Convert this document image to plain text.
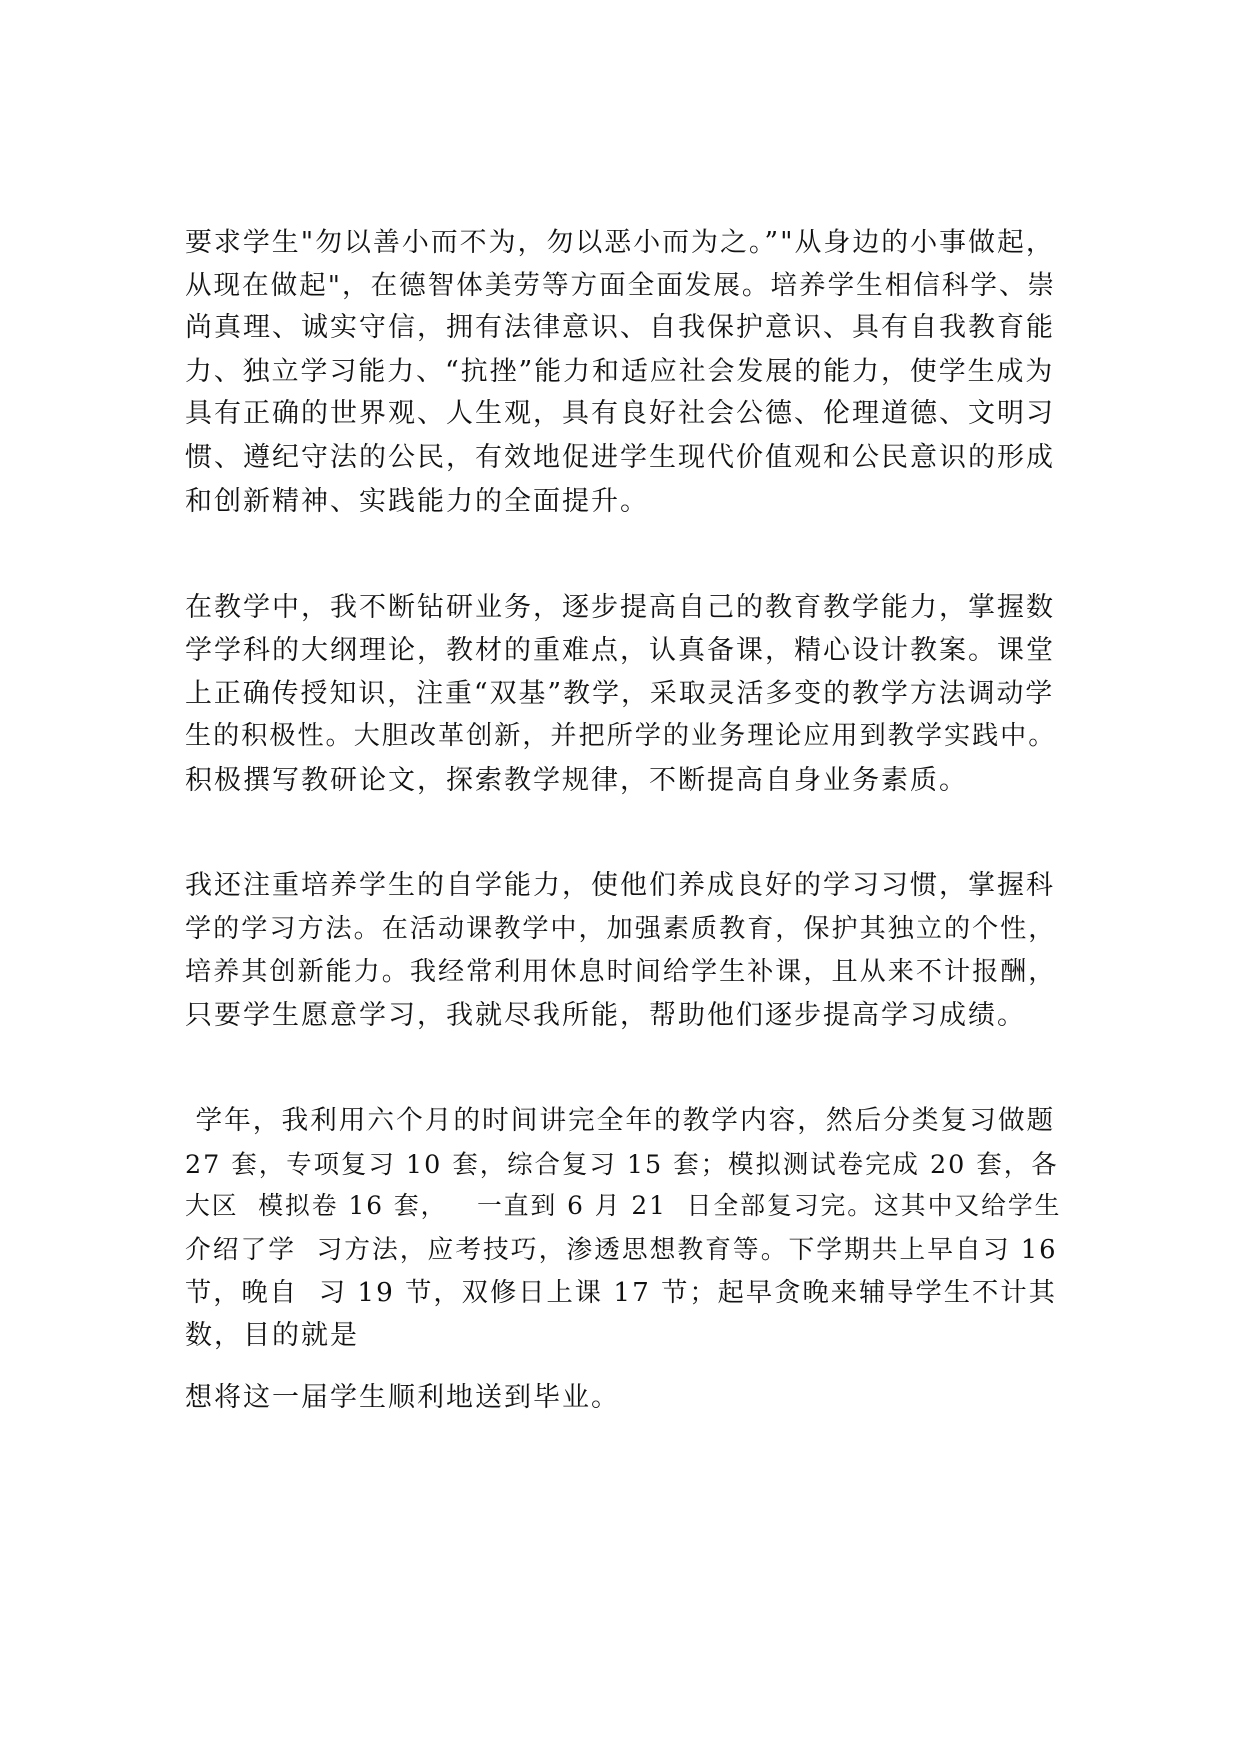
要求学生"勿以善小而不为，勿以恶小而为之。”"从身边的小事做起，
从现在做起"，在德智体美劳等方面全面发展。培养学生相信科学、崇
尚真理、诚实守信，拥有法律意识、自我保护意识、具有自我教育能
力、独立学习能力、“抗挫”能力和适应社会发展的能力，使学生成为
具有正确的世界观、人生观，具有良好社会公德、伦理道德、文明习
惯、遵纪守法的公民，有效地促进学生现代价值观和公民意识的形成
和创新精神、实践能力的全面提升。
在教学中，我不断钻研业务，逐步提高自己的教育教学能力，掌握数
学学科的大纲理论，教材的重难点，认真备课，精心设计教案。课堂
上正确传授知识，注重“双基”教学，采取灵活多变的教学方法调动学
生的积极性。大胆改革创新，并把所学的业务理论应用到教学实践中。
积极撰写教研论文，探索教学规律，不断提高自身业务素质。
我还注重培养学生的自学能力，使他们养成良好的学习习惯，掌握科
学的学习方法。在活动课教学中，加强素质教育，保护其独立的个性，
培养其创新能力。我经常利用休息时间给学生补课，且从来不计报酬，
只要学生愿意学习，我就尽我所能，帮助他们逐步提高学习成绩。
学年，我利用六个月的时间讲完全年的教学内容，然后分类复习做题
27 套，专项复习 10 套，综合复习 15 套；模拟测试卷完成 20 套，各
大区  模拟卷 16 套，   一直到 6 月 21  日全部复习完。这其中又给学生
介绍了学  习方法，应考技巧，渗透思想教育等。下学期共上早自习 16
节，晚自  习 19 节，双修日上课 17 节；起早贪晚来辅导学生不计其
数，目的就是
想将这一届学生顺利地送到毕业。
